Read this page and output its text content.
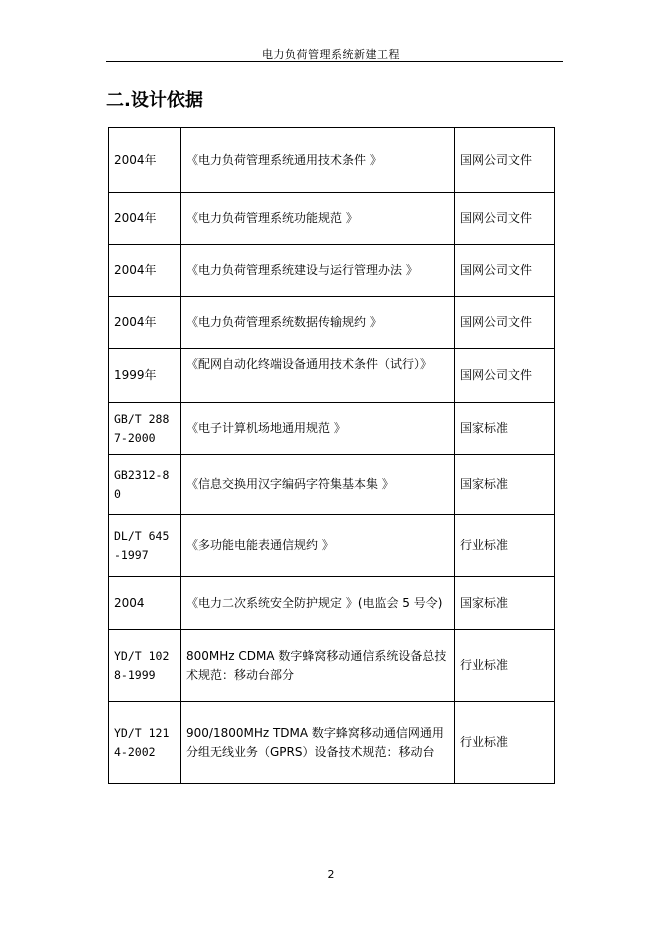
电力负荷管理系统新建工程
二.设计依据
2004年	《电力负荷管理系统通用技术条件 》	国网公司文件
2004年	《电力负荷管理系统功能规范 》	国网公司文件
2004年	《电力负荷管理系统建设与运行管理办法 》	国网公司文件
2004年	《电力负荷管理系统数据传输规约 》	国网公司文件
1999年	《配网自动化终端设备通用技术条件（试行）》	国网公司文件
GB/T 2887-2000	《电子计算机场地通用规范 》	国家标准
GB2312-80	《信息交换用汉字编码字符集基本集 》	国家标准
DL/T 645-1997	《多功能电能表通信规约 》	行业标准
2004	《电力二次系统安全防护规定 》(电监会 5 号令)	国家标准
YD/T 1028-1999	800MHz CDMA 数字蜂窝移动通信系统设备总技术规范：移动台部分	行业标准
YD/T 1214-2002	900/1800MHz TDMA 数字蜂窝移动通信网通用分组无线业务（GPRS）设备技术规范：移动台	行业标准
2
